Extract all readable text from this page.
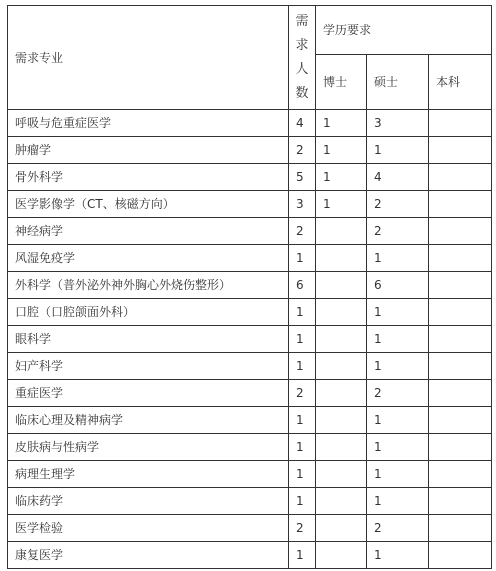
需求专业	需求人数	学历要求		
		博士	硕士	本科
呼吸与危重症医学	4	1	3	
肿瘤学	2	1	1	
骨外科学	5	1	4	
医学影像学（CT、核磁方向）	3	1	2	
神经病学	2		2	
风湿免疫学	1		1	
外科学（普外泌外神外胸心外烧伤整形）	6		6	
口腔（口腔颌面外科）	1		1	
眼科学	1		1	
妇产科学	1		1	
重症医学	2		2	
临床心理及精神病学	1		1	
皮肤病与性病学	1		1	
病理生理学	1		1	
临床药学	1		1	
医学检验	2		2	
康复医学	1		1	
